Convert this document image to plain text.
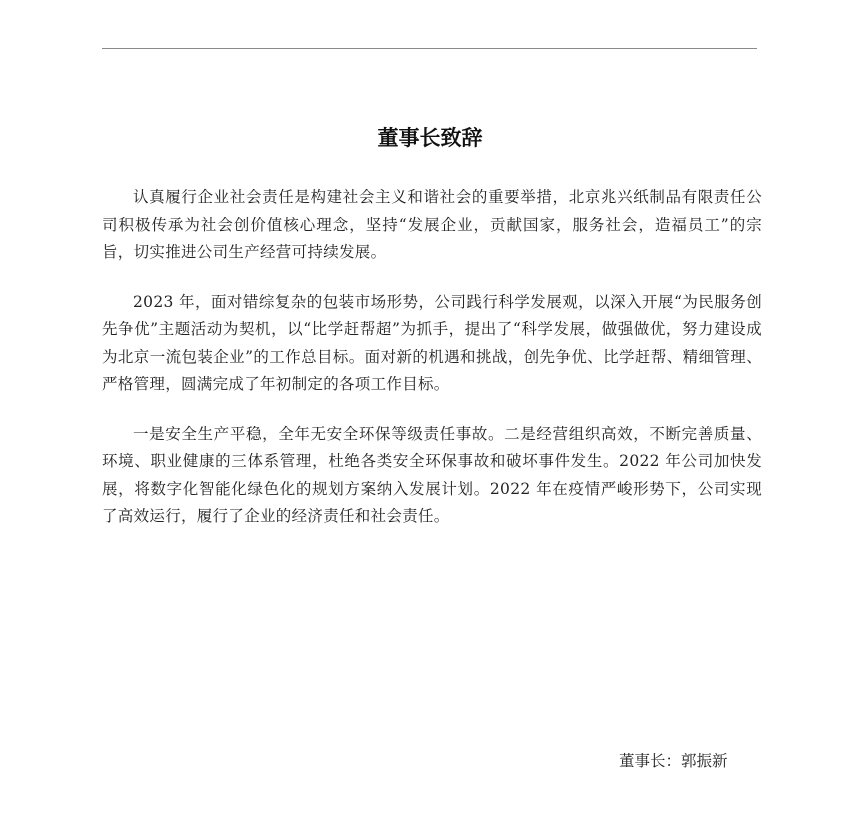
董事长致辞

认真履行企业社会责任是构建社会主义和谐社会的重要举措，北京兆兴纸制品有限责任公司积极传承为社会创价值核心理念，坚持“发展企业，贡献国家，服务社会，造福员工”的宗旨，切实推进公司生产经营可持续发展。

2023 年，面对错综复杂的包装市场形势，公司践行科学发展观，以深入开展“为民服务创先争优”主题活动为契机，以“比学赶帮超”为抓手，提出了“科学发展，做强做优，努力建设成为北京一流包装企业”的工作总目标。面对新的机遇和挑战，创先争优、比学赶帮、精细管理、严格管理，圆满完成了年初制定的各项工作目标。

一是安全生产平稳，全年无安全环保等级责任事故。二是经营组织高效，不断完善质量、环境、职业健康的三体系管理，杜绝各类安全环保事故和破坏事件发生。2022 年公司加快发展，将数字化智能化绿色化的规划方案纳入发展计划。2022 年在疫情严峻形势下，公司实现了高效运行，履行了企业的经济责任和社会责任。

董事长：郭振新
